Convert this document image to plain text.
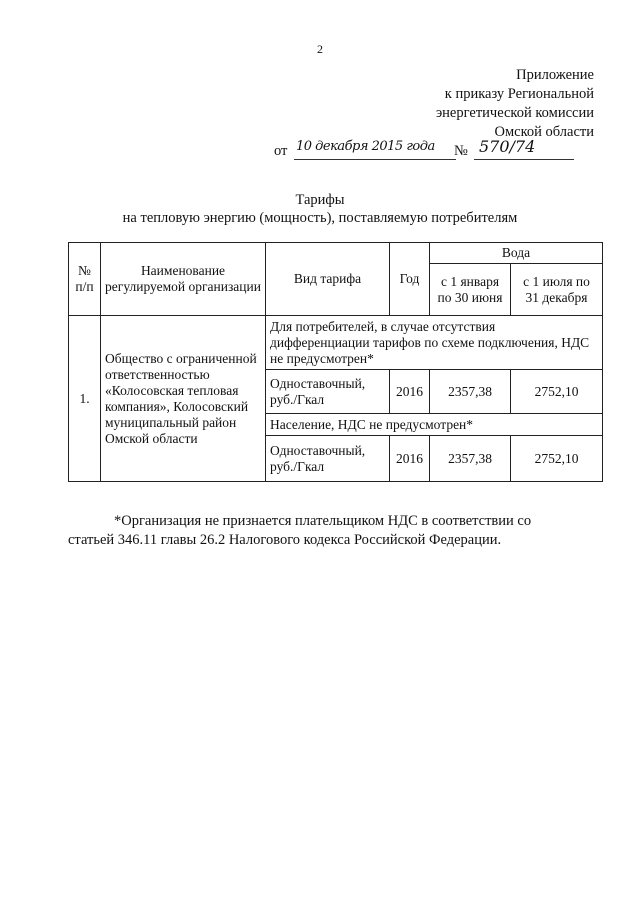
2
Приложение
к приказу Региональной
энергетической комиссии
Омской области
от 10 декабря 2015 года № 570/74
Тарифы
на тепловую энергию (мощность), поставляемую потребителям
№ п/п	Наименование регулируемой организации	Вид тарифа	Год	Вода	
				с 1 января по 30 июня	с 1 июля по 31 декабря
1.	Общество с ограниченной ответственностью «Колосовская тепловая компания», Колосовский муниципальный район Омской области	Для потребителей, в случае отсутствия дифференциации тарифов по схеме подключения, НДС не предусмотрен*			
		Одноставочный, руб./Гкал	2016	2357,38	2752,10
		Население, НДС не предусмотрен*			
		Одноставочный, руб./Гкал	2016	2357,38	2752,10
*Организация не признается плательщиком НДС в соответствии со
статьей 346.11 главы 26.2 Налогового кодекса Российской Федерации.
